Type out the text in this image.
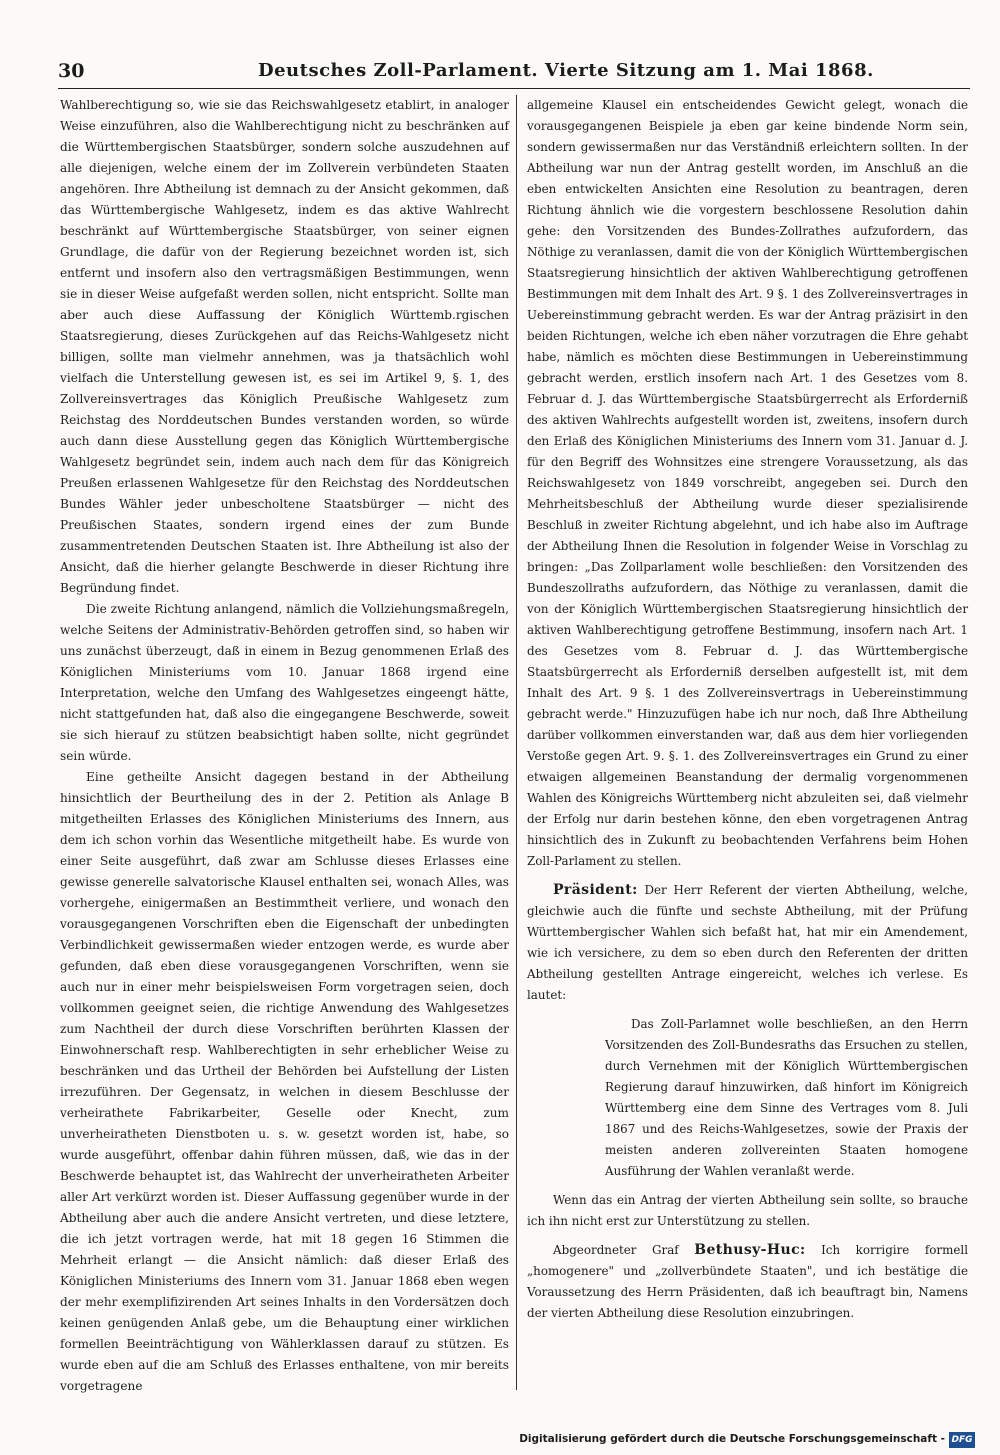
30	Deutsches Zoll-Parlament. Vierte Sitzung am 1. Mai 1868.

Wahlberechtigung so, wie sie das Reichswahlgesetz etablirt, in analoger Weise einzuführen, also die Wahlberechtigung nicht zu beschränken auf die Württembergischen Staatsbürger, sondern solche auszudehnen auf alle diejenigen, welche einem der im Zollverein verbündeten Staaten angehören. Ihre Abtheilung ist demnach zu der Ansicht gekommen, daß das Württembergische Wahlgesetz, indem es das aktive Wahlrecht beschränkt auf Württembergische Staatsbürger, von seiner eignen Grundlage, die dafür von der Regierung bezeichnet worden ist, sich entfernt und insofern also den vertragsmäßigen Bestimmungen, wenn sie in dieser Weise aufgefaßt werden sollen, nicht entspricht. Sollte man aber auch diese Auffassung der Königlich Württemb.rgischen Staatsregierung, dieses Zurückgehen auf das Reichs-Wahlgesetz nicht billigen, sollte man vielmehr annehmen, was ja thatsächlich wohl vielfach die Unterstellung gewesen ist, es sei im Artikel 9, §. 1, des Zollvereinsvertrages das Königlich Preußische Wahlgesetz zum Reichstag des Norddeutschen Bundes verstanden worden, so würde auch dann diese Ausstellung gegen das Königlich Württembergische Wahlgesetz begründet sein, indem auch nach dem für das Königreich Preußen erlassenen Wahlgesetze für den Reichstag des Norddeutschen Bundes Wähler jeder unbescholtene Staatsbürger — nicht des Preußischen Staates, sondern irgend eines der zum Bunde zusammentretenden Deutschen Staaten ist. Ihre Abtheilung ist also der Ansicht, daß die hierher gelangte Beschwerde in dieser Richtung ihre Begründung findet.

Die zweite Richtung anlangend, nämlich die Vollziehungsmaßregeln, welche Seitens der Administrativ-Behörden getroffen sind, so haben wir uns zunächst überzeugt, daß in einem in Bezug genommenen Erlaß des Königlichen Ministeriums vom 10. Januar 1868 irgend eine Interpretation, welche den Umfang des Wahlgesetzes eingeengt hätte, nicht stattgefunden hat, daß also die eingegangene Beschwerde, soweit sie sich hierauf zu stützen beabsichtigt haben sollte, nicht gegründet sein würde.

Eine getheilte Ansicht dagegen bestand in der Abtheilung hinsichtlich der Beurtheilung des in der 2. Petition als Anlage B mitgetheilten Erlasses des Königlichen Ministeriums des Innern, aus dem ich schon vorhin das Wesentliche mitgetheilt habe. Es wurde von einer Seite ausgeführt, daß zwar am Schlusse dieses Erlasses eine gewisse generelle salvatorische Klausel enthalten sei, wonach Alles, was vorhergehe, einigermaßen an Bestimmtheit verliere, und wonach den vorausgegangenen Vorschriften eben die Eigenschaft der unbedingten Verbindlichkeit gewissermaßen wieder entzogen werde, es wurde aber gefunden, daß eben diese vorausgegangenen Vorschriften, wenn sie auch nur in einer mehr beispielsweisen Form vorgetragen seien, doch vollkommen geeignet seien, die richtige Anwendung des Wahlgesetzes zum Nachtheil der durch diese Vorschriften berührten Klassen der Einwohnerschaft resp. Wahlberechtigten in sehr erheblicher Weise zu beschränken und das Urtheil der Behörden bei Aufstellung der Listen irrezuführen. Der Gegensatz, in welchen in diesem Beschlusse der verheirathete Fabrikarbeiter, Geselle oder Knecht, zum unverheiratheten Dienstboten u. s. w. gesetzt worden ist, habe, so wurde ausgeführt, offenbar dahin führen müssen, daß, wie das in der Beschwerde behauptet ist, das Wahlrecht der unverheiratheten Arbeiter aller Art verkürzt worden ist. Dieser Auffassung gegenüber wurde in der Abtheilung aber auch die andere Ansicht vertreten, und diese letztere, die ich jetzt vortragen werde, hat mit 18 gegen 16 Stimmen die Mehrheit erlangt — die Ansicht nämlich: daß dieser Erlaß des Königlichen Ministeriums des Innern vom 31. Januar 1868 eben wegen der mehr exemplifizirenden Art seines Inhalts in den Vordersätzen doch keinen genügenden Anlaß gebe, um die Behauptung einer wirklichen formellen Beeinträchtigung von Wählerklassen darauf zu stützen. Es wurde eben auf die am Schluß des Erlasses enthaltene, von mir bereits vorgetragene

allgemeine Klausel ein entscheidendes Gewicht gelegt, wonach die vorausgegangenen Beispiele ja eben gar keine bindende Norm sein, sondern gewissermaßen nur das Verständniß erleichtern sollten. In der Abtheilung war nun der Antrag gestellt worden, im Anschluß an die eben entwickelten Ansichten eine Resolution zu beantragen, deren Richtung ähnlich wie die vorgestern beschlossene Resolution dahin gehe: den Vorsitzenden des Bundes-Zollrathes aufzufordern, das Nöthige zu veranlassen, damit die von der Königlich Württembergischen Staatsregierung hinsichtlich der aktiven Wahlberechtigung getroffenen Bestimmungen mit dem Inhalt des Art. 9 §. 1 des Zollvereinsvertrages in Uebereinstimmung gebracht werden. Es war der Antrag präzisirt in den beiden Richtungen, welche ich eben näher vorzutragen die Ehre gehabt habe, nämlich es möchten diese Bestimmungen in Uebereinstimmung gebracht werden, erstlich insofern nach Art. 1 des Gesetzes vom 8. Februar d. J. das Württembergische Staatsbürgerrecht als Erforderniß des aktiven Wahlrechts aufgestellt worden ist, zweitens, insofern durch den Erlaß des Königlichen Ministeriums des Innern vom 31. Januar d. J. für den Begriff des Wohnsitzes eine strengere Voraussetzung, als das Reichswahlgesetz von 1849 vorschreibt, angegeben sei. Durch den Mehrheitsbeschluß der Abtheilung wurde dieser spezialisirende Beschluß in zweiter Richtung abgelehnt, und ich habe also im Auftrage der Abtheilung Ihnen die Resolution in folgender Weise in Vorschlag zu bringen: „Das Zollparlament wolle beschließen: den Vorsitzenden des Bundeszollraths aufzufordern, das Nöthige zu veranlassen, damit die von der Königlich Württembergischen Staatsregierung hinsichtlich der aktiven Wahlberechtigung getroffene Bestimmung, insofern nach Art. 1 des Gesetzes vom 8. Februar d. J. das Württembergische Staatsbürgerrecht als Erforderniß derselben aufgestellt ist, mit dem Inhalt des Art. 9 §. 1 des Zollvereinsvertrags in Uebereinstimmung gebracht werde." Hinzuzufügen habe ich nur noch, daß Ihre Abtheilung darüber vollkommen einverstanden war, daß aus dem hier vorliegenden Verstoße gegen Art. 9. §. 1. des Zollvereinsvertrages ein Grund zu einer etwaigen allgemeinen Beanstandung der dermalig vorgenommenen Wahlen des Königreichs Württemberg nicht abzuleiten sei, daß vielmehr der Erfolg nur darin bestehen könne, den eben vorgetragenen Antrag hinsichtlich des in Zukunft zu beobachtenden Verfahrens beim Hohen Zoll-Parlament zu stellen.

Präsident: Der Herr Referent der vierten Abtheilung, welche, gleichwie auch die fünfte und sechste Abtheilung, mit der Prüfung Württembergischer Wahlen sich befaßt hat, hat mir ein Amendement, wie ich versichere, zu dem so eben durch den Referenten der dritten Abtheilung gestellten Antrage eingereicht, welches ich verlese. Es lautet:

Das Zoll-Parlamnet wolle beschließen, an den Herrn Vorsitzenden des Zoll-Bundesraths das Ersuchen zu stellen, durch Vernehmen mit der Königlich Württembergischen Regierung darauf hinzuwirken, daß hinfort im Königreich Württemberg eine dem Sinne des Vertrages vom 8. Juli 1867 und des Reichs-Wahlgesetzes, sowie der Praxis der meisten anderen zollvereinten Staaten homogene Ausführung der Wahlen veranlaßt werde.

Wenn das ein Antrag der vierten Abtheilung sein sollte, so brauche ich ihn nicht erst zur Unterstützung zu stellen.

Abgeordneter Graf Bethusy-Huc: Ich korrigire formell „homogenere" und „zollverbündete Staaten", und ich bestätige die Voraussetzung des Herrn Präsidenten, daß ich beauftragt bin, Namens der vierten Abtheilung diese Resolution einzubringen.

Digitalisierung gefördert durch die Deutsche Forschungsgemeinschaft - DFG
